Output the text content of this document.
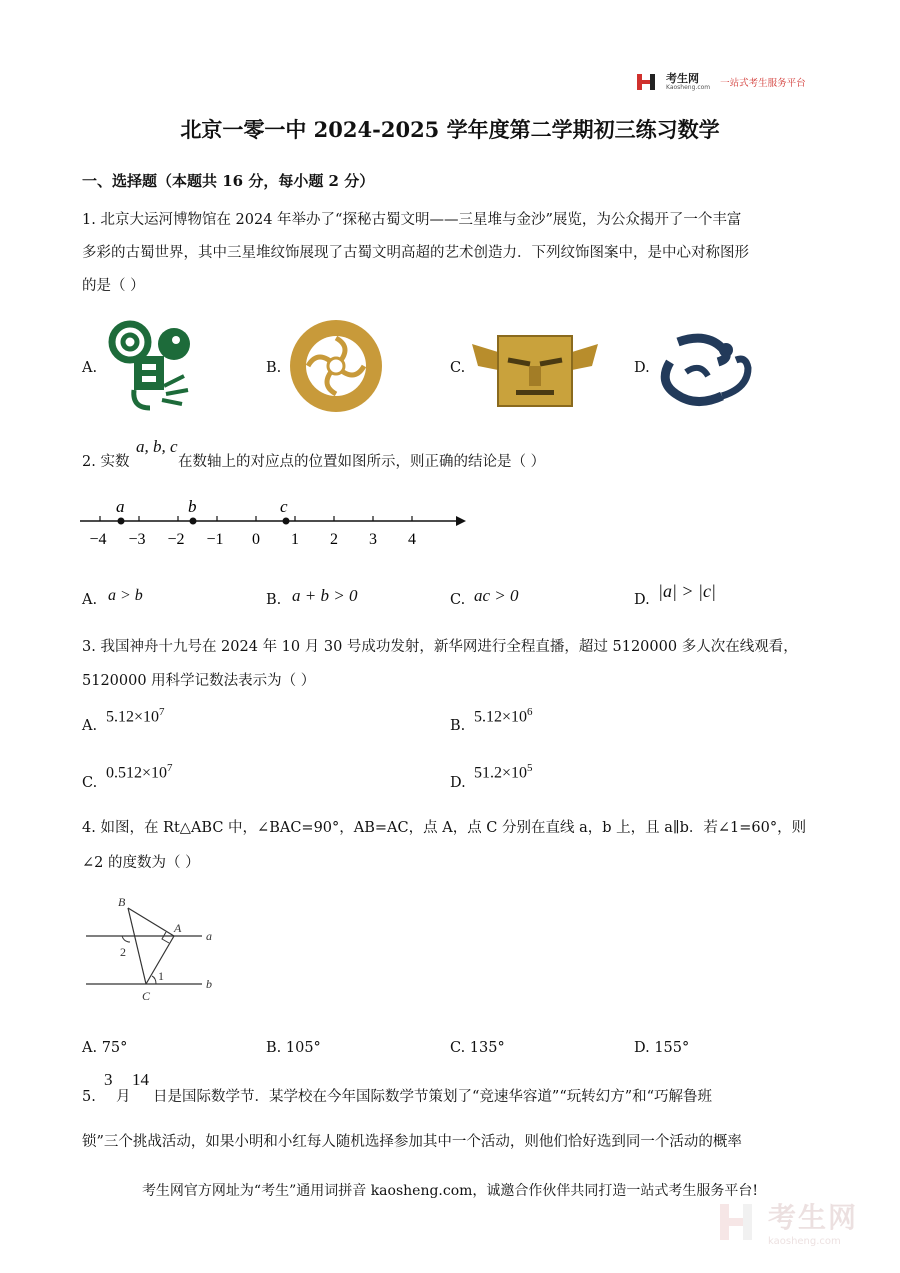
考生网
Kaosheng.com 一站式考生服务平台
北京一零一中 2024-2025 学年度第二学期初三练习数学
一、选择题（本题共 16 分，每小题 2 分）
1. 北京大运河博物馆在 2024 年举办了“探秘古蜀文明——三星堆与金沙”展览，为公众揭开了一个丰富
多彩的古蜀世界，其中三星堆纹饰展现了古蜀文明高超的艺术创造力．下列纹饰图案中，是中心对称图形
的是（ ）
A.	B.	C.	D.
2. 实数
a, b, c
在数轴上的对应点的位置如图所示，则正确的结论是（ ）
a	b	c
−4 −3 −2 −1 0 1 2 3 4
A. a > b	B. a + b > 0	C. ac > 0	D. |a| > |c|
3. 我国神舟十九号在 2024 年 10 月 30 号成功发射，新华网进行全程直播，超过 5120000 多人次在线观看，
5120000 用科学记数法表示为（ ）
A.
$5.12\times 10^7$
B.
$5.12\times 10^6$
C.
$0.512\times 10^7$
D.
$51.2\times 10^5$
4. 如图，在 Rt△ABC 中，∠BAC=90°，AB=AC，点 A，点 C 分别在直线 a，b 上，且 a∥b．若∠1=60°，则
∠2 的度数为（ ）
B
A
a
2
1
C
b
A. 75°	B. 105°	C. 135°	D. 155°
5.
3
月
14
日是国际数学节．某学校在今年国际数学节策划了“竞速华容道”“玩转幻方”和“巧解鲁班
锁”三个挑战活动，如果小明和小红每人随机选择参加其中一个活动，则他们恰好选到同一个活动的概率
考生网官方网址为“考生”通用词拼音 kaosheng.com，诚邀合作伙伴共同打造一站式考生服务平台!
考生网
kaosheng.com
